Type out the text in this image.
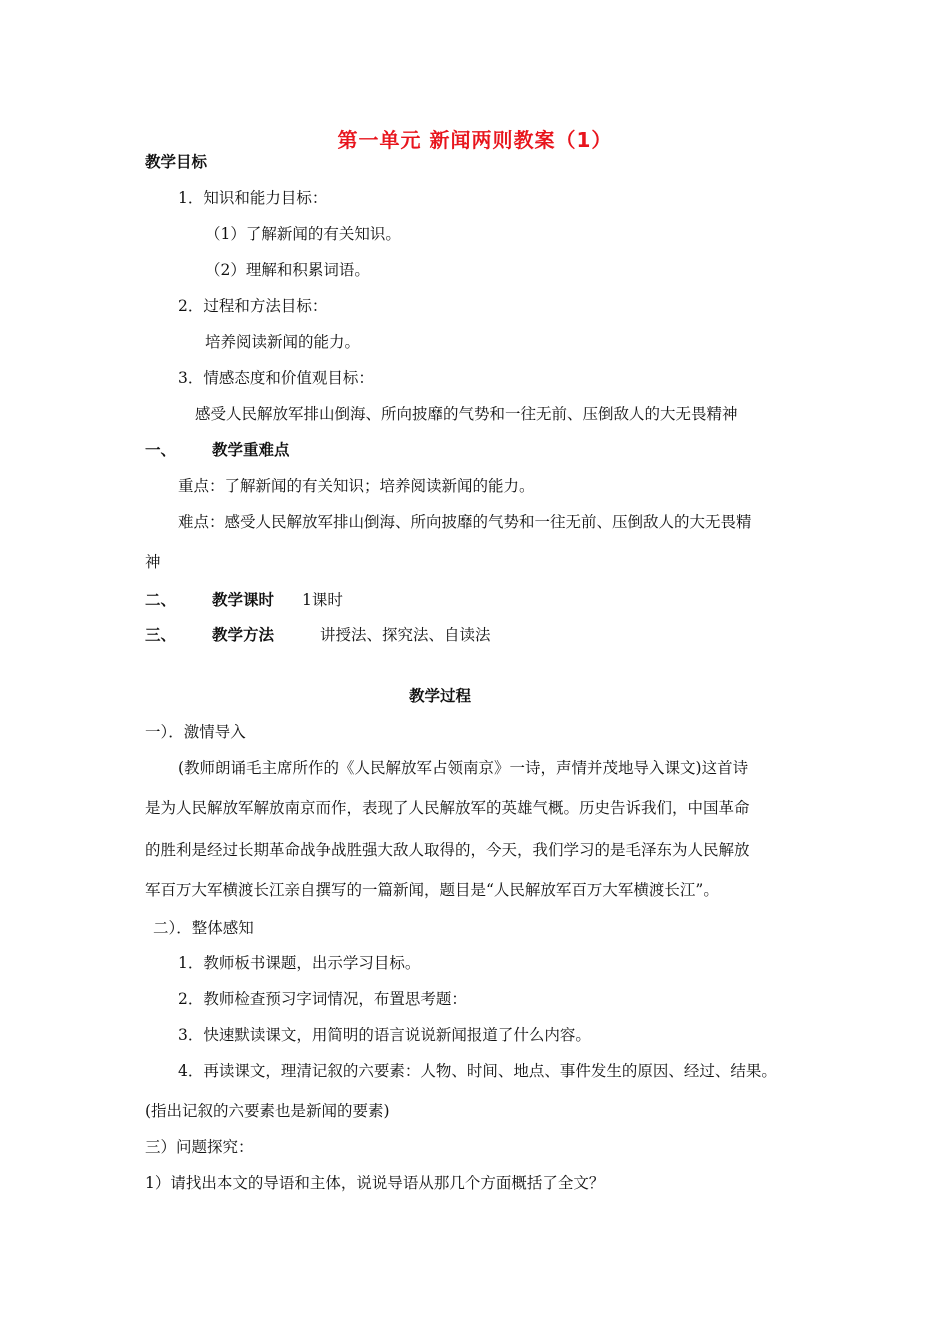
第一单元 新闻两则教案（1）
教学目标
1．知识和能力目标：
（1）了解新闻的有关知识。
（2）理解和积累词语。
2．过程和方法目标：
培养阅读新闻的能力。
3．情感态度和价值观目标：
感受人民解放军排山倒海、所向披靡的气势和一往无前、压倒敌人的大无畏精神
一、 教学重难点
重点：了解新闻的有关知识；培养阅读新闻的能力。
难点：感受人民解放军排山倒海、所向披靡的气势和一往无前、压倒敌人的大无畏精
神
二、 教学课时 1课时
三、 教学方法	讲授法、探究法、自读法
教学过程
一）．激情导入
(教师朗诵毛主席所作的《人民解放军占领南京》一诗，声情并茂地导入课文)这首诗
是为人民解放军解放南京而作，表现了人民解放军的英雄气概。历史告诉我们，中国革命
的胜利是经过长期革命战争战胜强大敌人取得的，今天，我们学习的是毛泽东为人民解放
军百万大军横渡长江亲自撰写的一篇新闻，题目是“人民解放军百万大军横渡长江”。
二）．整体感知
1．教师板书课题，出示学习目标。
2．教师检查预习字词情况，布置思考题：
3．快速默读课文，用简明的语言说说新闻报道了什么内容。
4．再读课文，理清记叙的六要素：人物、时间、地点、事件发生的原因、经过、结果。
(指出记叙的六要素也是新闻的要素)
三）问题探究：
1）请找出本文的导语和主体，说说导语从那几个方面概括了全文？
